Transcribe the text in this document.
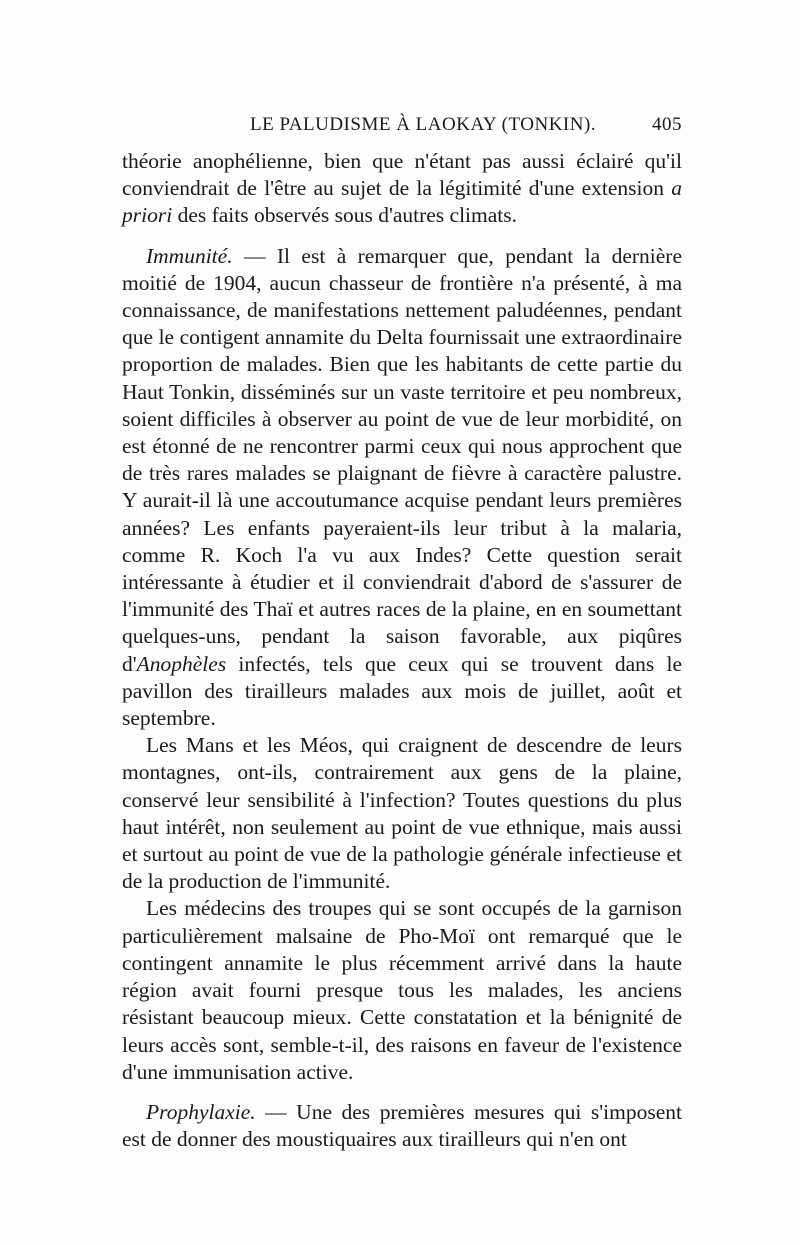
LE PALUDISME À LAOKAY (TONKIN).	405

théorie anophélienne, bien que n'étant pas aussi éclairé qu'il conviendrait de l'être au sujet de la légitimité d'une extension a priori des faits observés sous d'autres climats.

Immunité. — Il est à remarquer que, pendant la dernière moitié de 1904, aucun chasseur de frontière n'a présenté, à ma connaissance, de manifestations nettement paludéennes, pendant que le contigent annamite du Delta fournissait une extraordinaire proportion de malades. Bien que les habitants de cette partie du Haut Tonkin, disséminés sur un vaste territoire et peu nombreux, soient difficiles à observer au point de vue de leur morbidité, on est étonné de ne rencontrer parmi ceux qui nous approchent que de très rares malades se plaignant de fièvre à caractère palustre. Y aurait-il là une accoutumance acquise pendant leurs premières années? Les enfants payeraient-ils leur tribut à la malaria, comme R. Koch l'a vu aux Indes? Cette question serait intéressante à étudier et il conviendrait d'abord de s'assurer de l'immunité des Thaï et autres races de la plaine, en en soumettant quelques-uns, pendant la saison favorable, aux piqûres d'Anophèles infectés, tels que ceux qui se trouvent dans le pavillon des tirailleurs malades aux mois de juillet, août et septembre.

Les Mans et les Méos, qui craignent de descendre de leurs montagnes, ont-ils, contrairement aux gens de la plaine, conservé leur sensibilité à l'infection? Toutes questions du plus haut intérêt, non seulement au point de vue ethnique, mais aussi et surtout au point de vue de la pathologie générale infectieuse et de la production de l'immunité.

Les médecins des troupes qui se sont occupés de la garnison particulièrement malsaine de Pho-Moï ont remarqué que le contingent annamite le plus récemment arrivé dans la haute région avait fourni presque tous les malades, les anciens résistant beaucoup mieux. Cette constatation et la bénignité de leurs accès sont, semble-t-il, des raisons en faveur de l'existence d'une immunisation active.

Prophylaxie. — Une des premières mesures qui s'imposent est de donner des moustiquaires aux tirailleurs qui n'en ont
